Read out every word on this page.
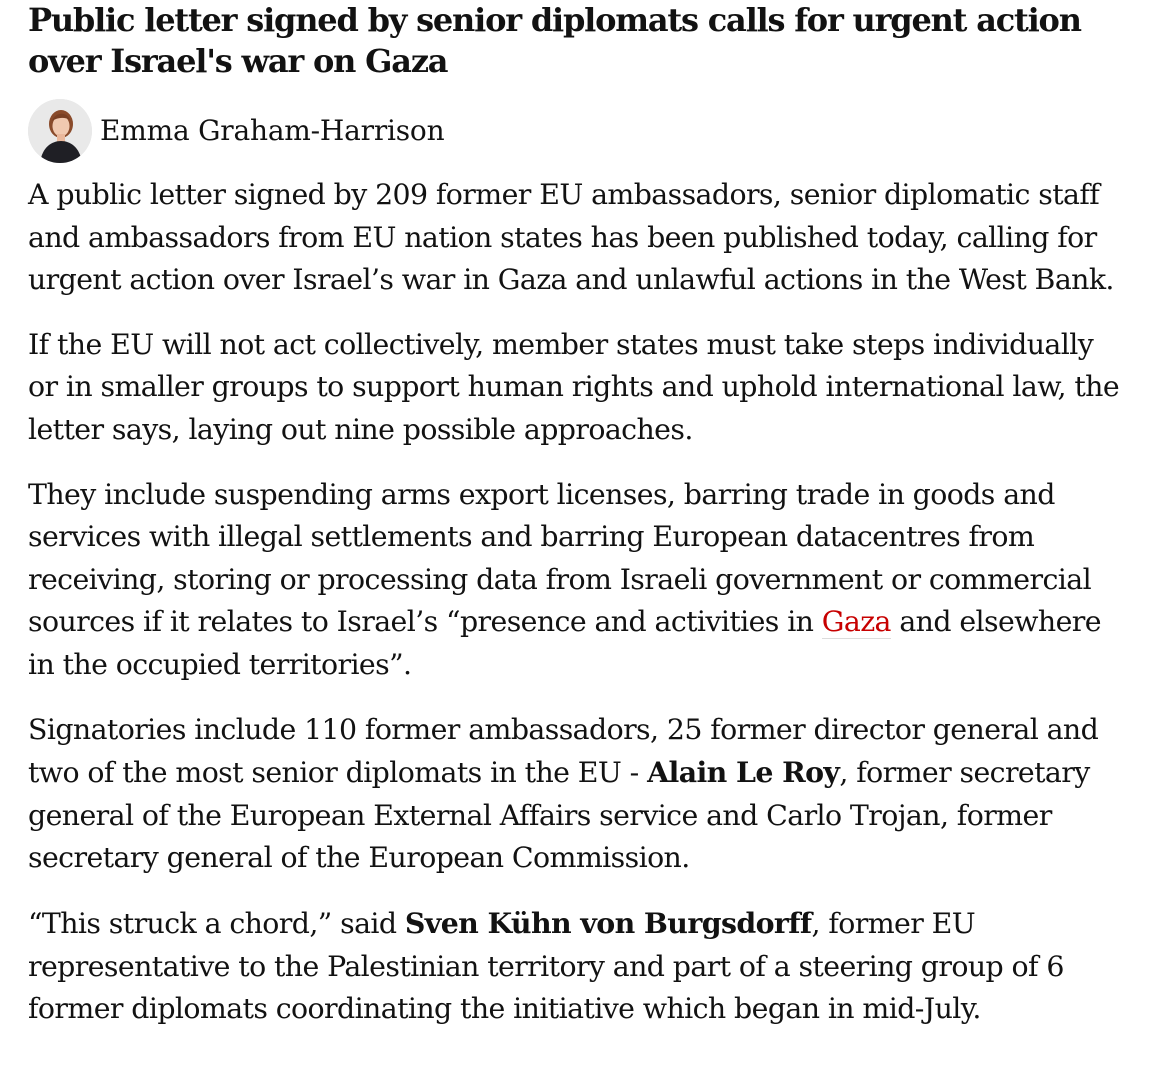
Public letter signed by senior diplomats calls for urgent action over Israel's war on Gaza
Emma Graham-Harrison

A public letter signed by 209 former EU ambassadors, senior diplomatic staff and ambassadors from EU nation states has been published today, calling for urgent action over Israel’s war in Gaza and unlawful actions in the West Bank.

If the EU will not act collectively, member states must take steps individually or in smaller groups to support human rights and uphold international law, the letter says, laying out nine possible approaches.

They include suspending arms export licenses, barring trade in goods and services with illegal settlements and barring European datacentres from receiving, storing or processing data from Israeli government or commercial sources if it relates to Israel’s “presence and activities in Gaza and elsewhere in the occupied territories”.

Signatories include 110 former ambassadors, 25 former director general and two of the most senior diplomats in the EU - Alain Le Roy, former secretary general of the European External Affairs service and Carlo Trojan, former secretary general of the European Commission.

“This struck a chord,” said Sven Kühn von Burgsdorff, former EU representative to the Palestinian territory and part of a steering group of 6 former diplomats coordinating the initiative which began in mid-July.
